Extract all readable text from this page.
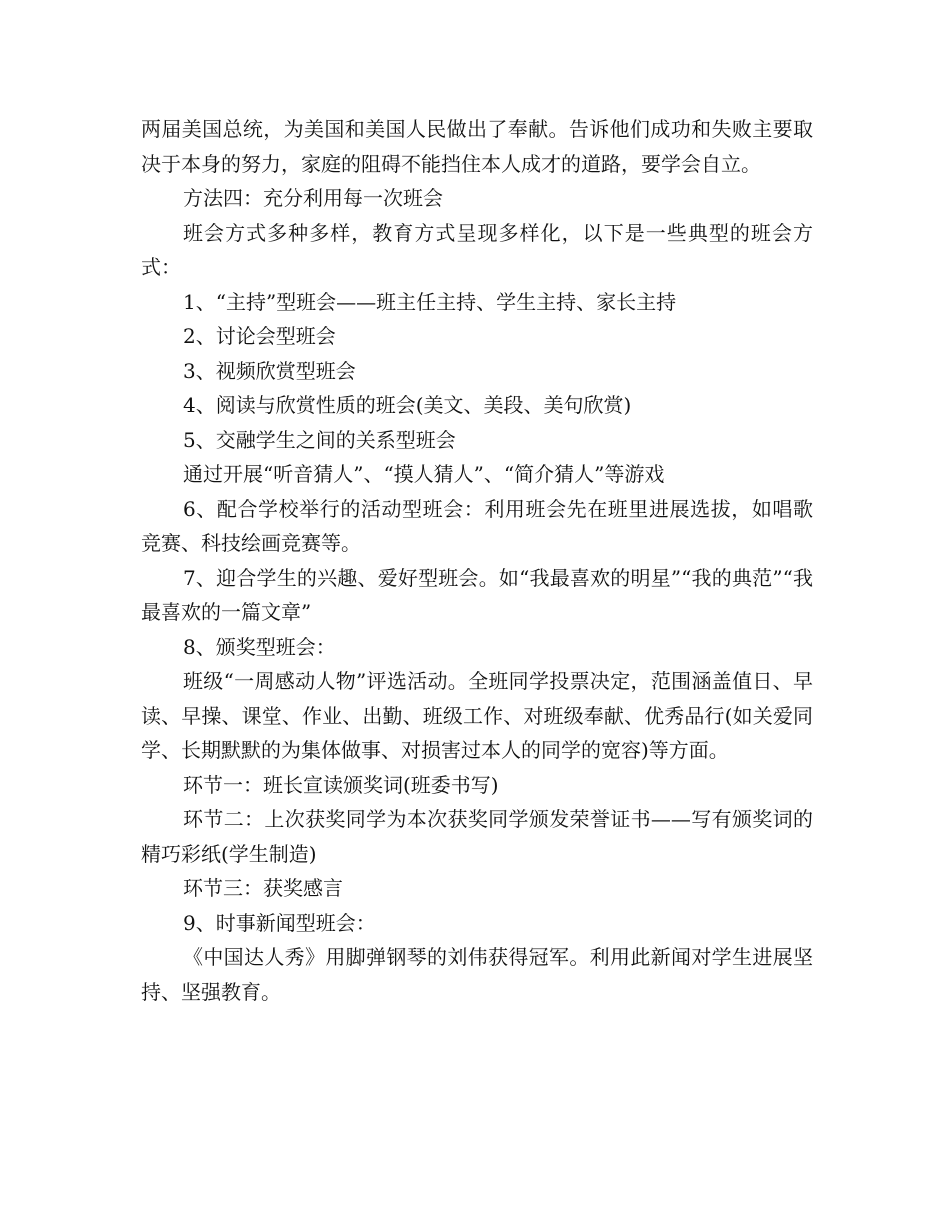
两届美国总统，为美国和美国人民做出了奉献。告诉他们成功和失败主要取决于本身的努力，家庭的阻碍不能挡住本人成才的道路，要学会自立。

方法四：充分利用每一次班会

班会方式多种多样，教育方式呈现多样化，以下是一些典型的班会方式：

1、“主持”型班会——班主任主持、学生主持、家长主持

2、讨论会型班会

3、视频欣赏型班会

4、阅读与欣赏性质的班会(美文、美段、美句欣赏)

5、交融学生之间的关系型班会

通过开展“听音猜人”、“摸人猜人”、“简介猜人”等游戏

6、配合学校举行的活动型班会：利用班会先在班里进展选拔，如唱歌竞赛、科技绘画竞赛等。

7、迎合学生的兴趣、爱好型班会。如“我最喜欢的明星”“我的典范”“我最喜欢的一篇文章”

8、颁奖型班会：

班级“一周感动人物”评选活动。全班同学投票决定，范围涵盖值日、早读、早操、课堂、作业、出勤、班级工作、对班级奉献、优秀品行(如关爱同学、长期默默的为集体做事、对损害过本人的同学的宽容)等方面。

环节一：班长宣读颁奖词(班委书写)

环节二：上次获奖同学为本次获奖同学颁发荣誉证书——写有颁奖词的精巧彩纸(学生制造)

环节三：获奖感言

9、时事新闻型班会：

《中国达人秀》用脚弹钢琴的刘伟获得冠军。利用此新闻对学生进展坚持、坚强教育。
